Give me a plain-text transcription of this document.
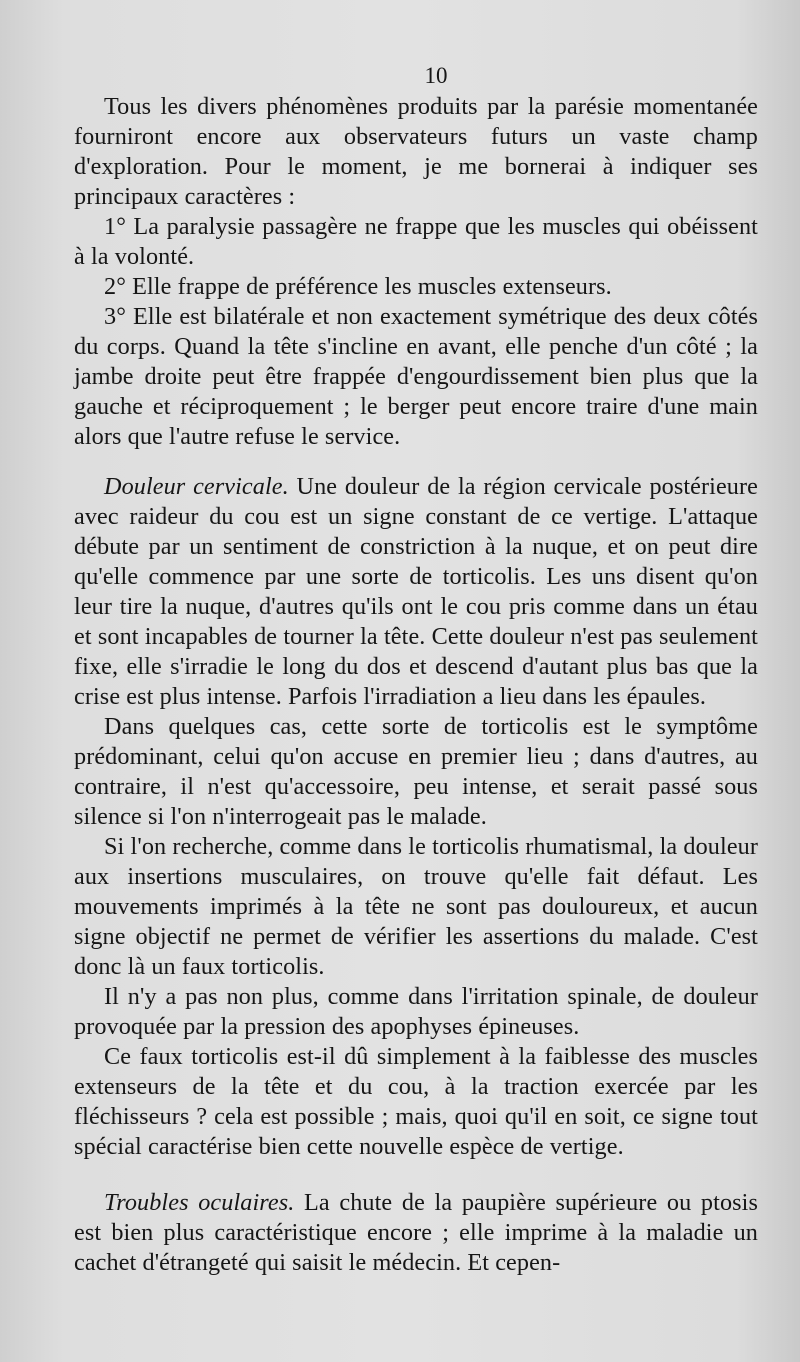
10

Tous les divers phénomènes produits par la parésie momentanée fourniront encore aux observateurs futurs un vaste champ d'exploration. Pour le moment, je me bornerai à indiquer ses principaux caractères :

1° La paralysie passagère ne frappe que les muscles qui obéissent à la volonté.

2° Elle frappe de préférence les muscles extenseurs.

3° Elle est bilatérale et non exactement symétrique des deux côtés du corps. Quand la tête s'incline en avant, elle penche d'un côté ; la jambe droite peut être frappée d'engourdissement bien plus que la gauche et réciproquement ; le berger peut encore traire d'une main alors que l'autre refuse le service.

Douleur cervicale. Une douleur de la région cervicale postérieure avec raideur du cou est un signe constant de ce vertige. L'attaque débute par un sentiment de constriction à la nuque, et on peut dire qu'elle commence par une sorte de torticolis. Les uns disent qu'on leur tire la nuque, d'autres qu'ils ont le cou pris comme dans un étau et sont incapables de tourner la tête. Cette douleur n'est pas seulement fixe, elle s'irradie le long du dos et descend d'autant plus bas que la crise est plus intense. Parfois l'irradiation a lieu dans les épaules.

Dans quelques cas, cette sorte de torticolis est le symptôme prédominant, celui qu'on accuse en premier lieu ; dans d'autres, au contraire, il n'est qu'accessoire, peu intense, et serait passé sous silence si l'on n'interrogeait pas le malade.

Si l'on recherche, comme dans le torticolis rhumatismal, la douleur aux insertions musculaires, on trouve qu'elle fait défaut. Les mouvements imprimés à la tête ne sont pas douloureux, et aucun signe objectif ne permet de vérifier les assertions du malade. C'est donc là un faux torticolis.

Il n'y a pas non plus, comme dans l'irritation spinale, de douleur provoquée par la pression des apophyses épineuses.

Ce faux torticolis est-il dû simplement à la faiblesse des muscles extenseurs de la tête et du cou, à la traction exercée par les fléchisseurs ? cela est possible ; mais, quoi qu'il en soit, ce signe tout spécial caractérise bien cette nouvelle espèce de vertige.

Troubles oculaires. La chute de la paupière supérieure ou ptosis est bien plus caractéristique encore ; elle imprime à la maladie un cachet d'étrangeté qui saisit le médecin. Et cepen-
